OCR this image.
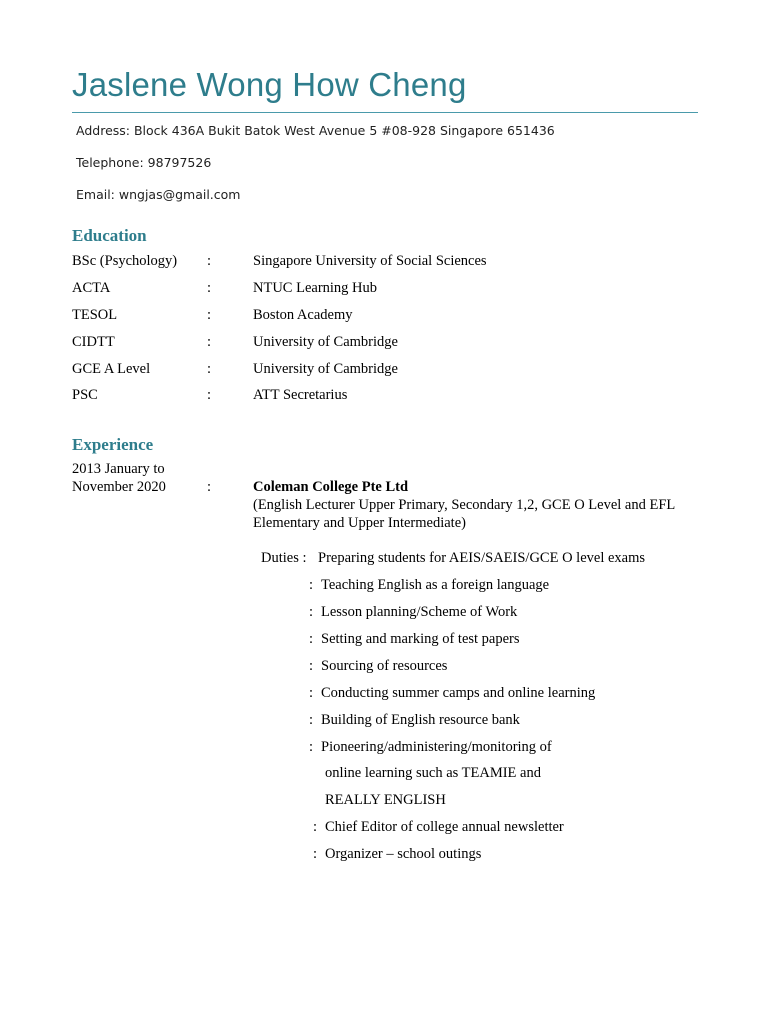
Jaslene Wong How Cheng
Address: Block 436A Bukit Batok West Avenue 5 #08-928 Singapore 651436
Telephone: 98797526
Email: wngjas@gmail.com
Education
BSc (Psychology) :	Singapore University of Social Sciences
ACTA	:	NTUC Learning Hub
TESOL	:	Boston Academy
CIDTT	:	University of Cambridge
GCE A Level	:	University of Cambridge
PSC	:	ATT Secretarius
Experience
2013 January to
November 2020	:	Coleman College Pte Ltd
(English Lecturer Upper Primary, Secondary 1,2, GCE O Level and EFL Elementary and Upper Intermediate)
Duties : Preparing students for AEIS/SAEIS/GCE O level exams
: Teaching English as a foreign language
: Lesson planning/Scheme of Work
: Setting and marking of test papers
: Sourcing of resources
: Conducting summer camps and online learning
: Building of English resource bank
: Pioneering/administering/monitoring of
online learning such as TEAMIE and
REALLY ENGLISH
: Chief Editor of college annual newsletter
: Organizer – school outings
